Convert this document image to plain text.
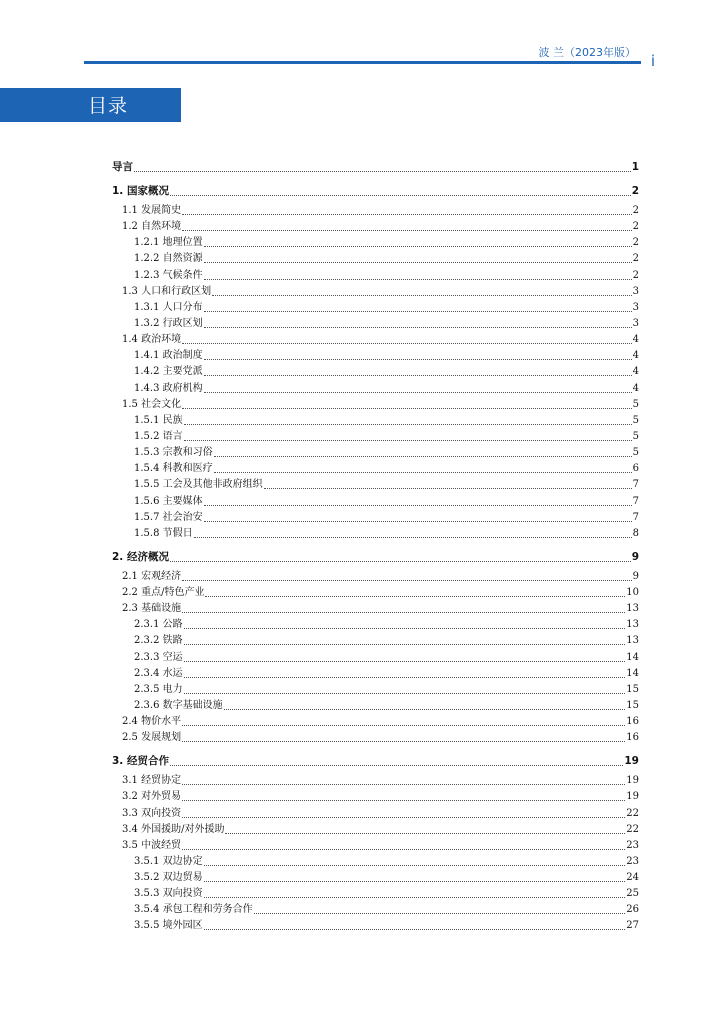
波 兰（2023年版） i
目录
导言	1
1. 国家概况	2
1.1 发展简史	2
1.2 自然环境	2
1.2.1 地理位置	2
1.2.2 自然资源	2
1.2.3 气候条件	2
1.3 人口和行政区划	3
1.3.1 人口分布	3
1.3.2 行政区划	3
1.4 政治环境	4
1.4.1 政治制度	4
1.4.2 主要党派	4
1.4.3 政府机构	4
1.5 社会文化	5
1.5.1 民族	5
1.5.2 语言	5
1.5.3 宗教和习俗	5
1.5.4 科教和医疗	6
1.5.5 工会及其他非政府组织	7
1.5.6 主要媒体	7
1.5.7 社会治安	7
1.5.8 节假日	8
2. 经济概况	9
2.1 宏观经济	9
2.2 重点/特色产业	10
2.3 基础设施	13
2.3.1 公路	13
2.3.2 铁路	13
2.3.3 空运	14
2.3.4 水运	14
2.3.5 电力	15
2.3.6 数字基础设施	15
2.4 物价水平	16
2.5 发展规划	16
3. 经贸合作	19
3.1 经贸协定	19
3.2 对外贸易	19
3.3 双向投资	22
3.4 外国援助/对外援助	22
3.5 中波经贸	23
3.5.1 双边协定	23
3.5.2 双边贸易	24
3.5.3 双向投资	25
3.5.4 承包工程和劳务合作	26
3.5.5 境外园区	27
